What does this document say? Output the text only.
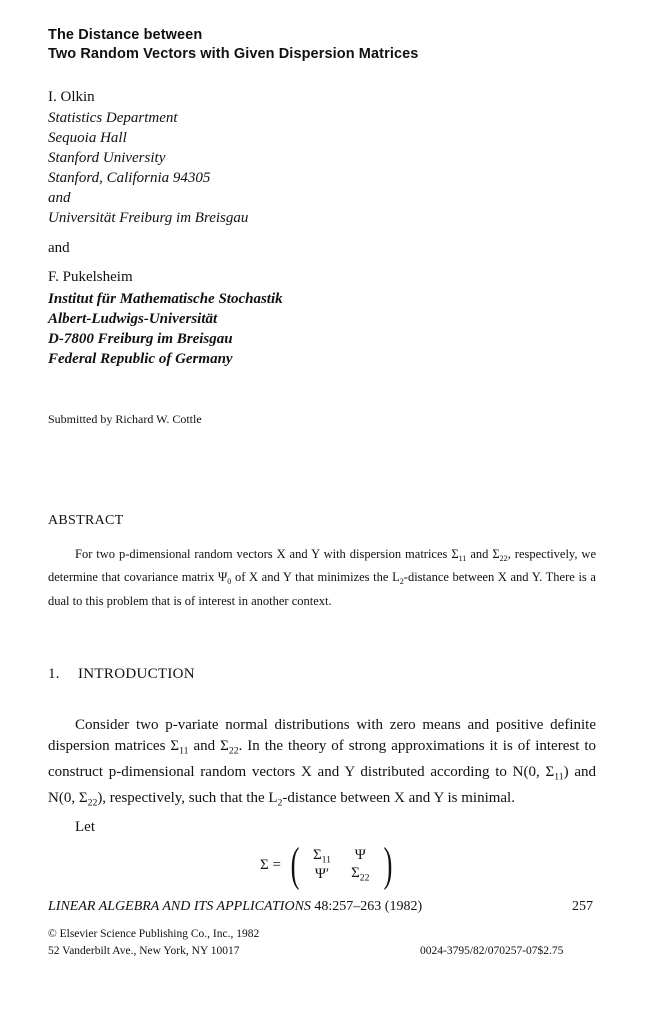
The Distance between
Two Random Vectors with Given Dispersion Matrices
I. Olkin
Statistics Department
Sequoia Hall
Stanford University
Stanford, California 94305
and
Universität Freiburg im Breisgau
and
F. Pukelsheim
Institut für Mathematische Stochastik
Albert-Ludwigs-Universität
D-7800 Freiburg im Breisgau
Federal Republic of Germany
Submitted by Richard W. Cottle
ABSTRACT

For two p-dimensional random vectors X and Y with dispersion matrices $\Sigma_{11}$ and $\Sigma_{22}$, respectively, we determine that covariance matrix $\Psi_0$ of X and Y that minimizes the $L_2$-distance between X and Y. There is a dual to this problem that is of interest in another context.

1. INTRODUCTION

Consider two p-variate normal distributions with zero means and positive definite dispersion matrices $\Sigma_{11}$ and $\Sigma_{22}$. In the theory of strong approximations it is of interest to construct p-dimensional random vectors X and Y distributed according to N(0, $\Sigma_{11}$) and N(0, $\Sigma_{22}$), respectively, such that the $L_2$-distance between X and Y is minimal.

Let
Σ = ( $\Sigma_{11}$	Ψ
Ψ′	$\Sigma_{22}$ )
LINEAR ALGEBRA AND ITS APPLICATIONS 48:257–263 (1982)	257
© Elsevier Science Publishing Co., Inc., 1982
52 Vanderbilt Ave., New York, NY 10017	0024-3795/82/070257-07$2.75
